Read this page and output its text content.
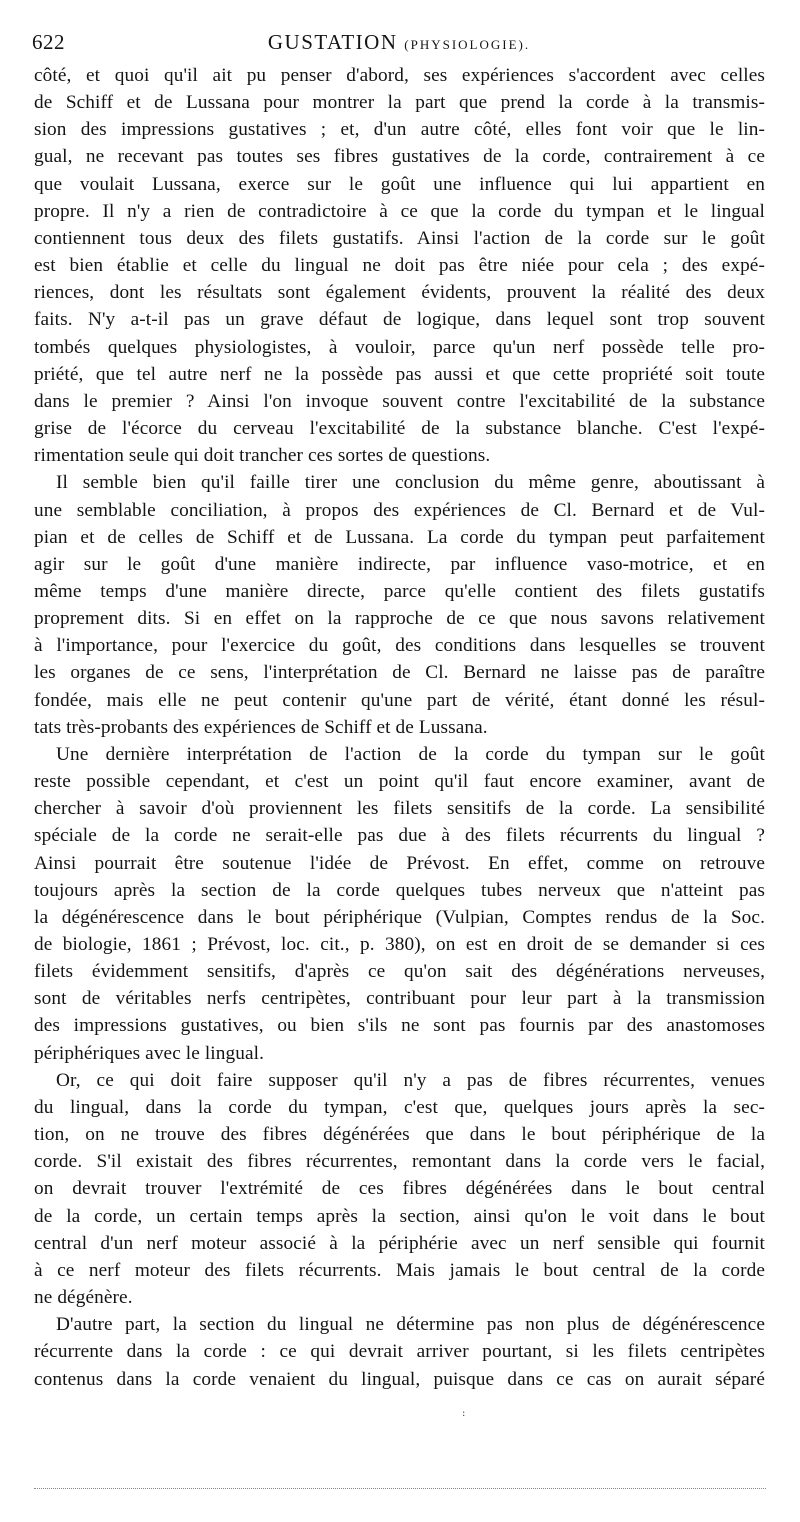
622	GUSTATION (PHYSIOLOGIE).

côté, et quoi qu'il ait pu penser d'abord, ses expériences s'accordent avec celles
de Schiff et de Lussana pour montrer la part que prend la corde à la transmis-
sion des impressions gustatives ; et, d'un autre côté, elles font voir que le lin-
gual, ne recevant pas toutes ses fibres gustatives de la corde, contrairement à ce
que voulait Lussana, exerce sur le goût une influence qui lui appartient en
propre. Il n'y a rien de contradictoire à ce que la corde du tympan et le lingual
contiennent tous deux des filets gustatifs. Ainsi l'action de la corde sur le goût
est bien établie et celle du lingual ne doit pas être niée pour cela ; des expé-
riences, dont les résultats sont également évidents, prouvent la réalité des deux
faits. N'y a-t-il pas un grave défaut de logique, dans lequel sont trop souvent
tombés quelques physiologistes, à vouloir, parce qu'un nerf possède telle pro-
priété, que tel autre nerf ne la possède pas aussi et que cette propriété soit toute
dans le premier ? Ainsi l'on invoque souvent contre l'excitabilité de la substance
grise de l'écorce du cerveau l'excitabilité de la substance blanche. C'est l'expé-
rimentation seule qui doit trancher ces sortes de questions.

Il semble bien qu'il faille tirer une conclusion du même genre, aboutissant à
une semblable conciliation, à propos des expériences de Cl. Bernard et de Vul-
pian et de celles de Schiff et de Lussana. La corde du tympan peut parfaitement
agir sur le goût d'une manière indirecte, par influence vaso-motrice, et en
même temps d'une manière directe, parce qu'elle contient des filets gustatifs
proprement dits. Si en effet on la rapproche de ce que nous savons relativement
à l'importance, pour l'exercice du goût, des conditions dans lesquelles se trouvent
les organes de ce sens, l'interprétation de Cl. Bernard ne laisse pas de paraître
fondée, mais elle ne peut contenir qu'une part de vérité, étant donné les résul-
tats très-probants des expériences de Schiff et de Lussana.

Une dernière interprétation de l'action de la corde du tympan sur le goût
reste possible cependant, et c'est un point qu'il faut encore examiner, avant de
chercher à savoir d'où proviennent les filets sensitifs de la corde. La sensibilité
spéciale de la corde ne serait-elle pas due à des filets récurrents du lingual ?
Ainsi pourrait être soutenue l'idée de Prévost. En effet, comme on retrouve
toujours après la section de la corde quelques tubes nerveux que n'atteint pas
la dégénérescence dans le bout périphérique (Vulpian, Comptes rendus de la Soc.
de biologie, 1861 ; Prévost, loc. cit., p. 380), on est en droit de se demander si ces
filets évidemment sensitifs, d'après ce qu'on sait des dégénérations nerveuses,
sont de véritables nerfs centripètes, contribuant pour leur part à la transmission
des impressions gustatives, ou bien s'ils ne sont pas fournis par des anastomoses
périphériques avec le lingual.

Or, ce qui doit faire supposer qu'il n'y a pas de fibres récurrentes, venues
du lingual, dans la corde du tympan, c'est que, quelques jours après la sec-
tion, on ne trouve des fibres dégénérées que dans le bout périphérique de la
corde. S'il existait des fibres récurrentes, remontant dans la corde vers le facial,
on devrait trouver l'extrémité de ces fibres dégénérées dans le bout central
de la corde, un certain temps après la section, ainsi qu'on le voit dans le bout
central d'un nerf moteur associé à la périphérie avec un nerf sensible qui fournit
à ce nerf moteur des filets récurrents. Mais jamais le bout central de la corde
ne dégénère.

D'autre part, la section du lingual ne détermine pas non plus de dégénérescence
récurrente dans la corde : ce qui devrait arriver pourtant, si les filets centripètes
contenus dans la corde venaient du lingual, puisque dans ce cas on aurait séparé

:
